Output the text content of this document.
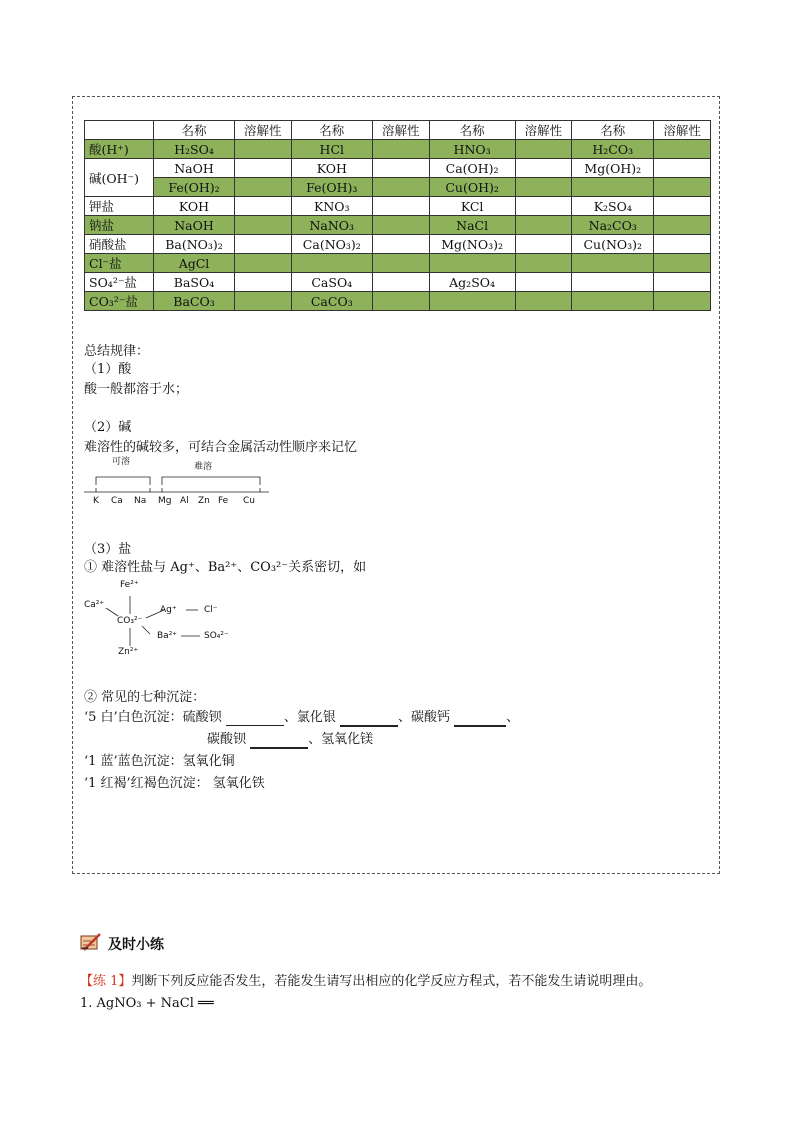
	名称	溶解性	名称	溶解性	名称	溶解性	名称	溶解性
酸(H⁺)	H₂SO₄		HCl		HNO₃		H₂CO₃	
碱(OH⁻)	NaOH		KOH		Ca(OH)₂		Mg(OH)₂	
	Fe(OH)₂		Fe(OH)₃		Cu(OH)₂			
钾盐	KOH		KNO₃		KCl		K₂SO₄	
钠盐	NaOH		NaNO₃		NaCl		Na₂CO₃	
硝酸盐	Ba(NO₃)₂		Ca(NO₃)₂		Mg(NO₃)₂		Cu(NO₃)₂	
Cl⁻盐	AgCl							
SO₄²⁻盐	BaSO₄		CaSO₄		Ag₂SO₄			
CO₃²⁻盐	BaCO₃		CaCO₃					
总结规律：
（1）酸
酸一般都溶于水；
（2）碱
难溶性的碱较多，可结合金属活动性顺序来记忆
可溶	难溶
K Ca Na Mg Al Zn Fe Cu
（3）盐
① 难溶性盐与 Ag⁺、Ba²⁺、CO₃²⁻关系密切，如
Fe²⁺
Ca²⁺
CO₃²⁻
Ag⁺	Cl⁻
Ba²⁺	SO₄²⁻
Zn²⁺
② 常见的七种沉淀：
‘5 白’白色沉淀：硫酸钡	、氯化银	、碳酸钙	、
碳酸钡	、氢氧化镁
‘1 蓝’蓝色沉淀：氢氧化铜
‘1 红褐’红褐色沉淀： 氢氧化铁
及时小练
【练 1】判断下列反应能否发生，若能发生请写出相应的化学反应方程式，若不能发生请说明理由。
1. AgNO₃ + NaCl ══
